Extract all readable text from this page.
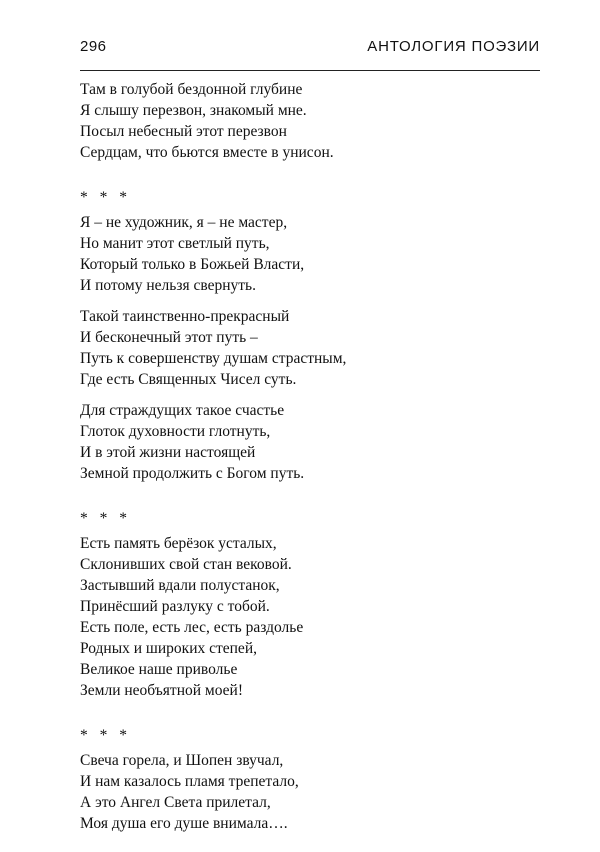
296	АНТОЛОГИЯ ПОЭЗИИ
Там в голубой бездонной глубине
Я слышу перезвон, знакомый мне.
Посыл небесный этот перезвон
Сердцам, что бьются вместе в унисон.
* * *
Я – не художник, я – не мастер,
Но манит этот светлый путь,
Который только в Божьей Власти,
И потому нельзя свернуть.
Такой таинственно-прекрасный
И бесконечный этот путь –
Путь к совершенству душам страстным,
Где есть Священных Чисел суть.
Для страждущих такое счастье
Глоток духовности глотнуть,
И в этой жизни настоящей
Земной продолжить с Богом путь.
* * *
Есть память берёзок усталых,
Склонивших свой стан вековой.
Застывший вдали полустанок,
Принёсший разлуку с тобой.
Есть поле, есть лес, есть раздолье
Родных и широких степей,
Великое наше приволье
Земли необъятной моей!
* * *
Свеча горела, и Шопен звучал,
И нам казалось пламя трепетало,
А это Ангел Света прилетал,
Моя душа его душе внимала….
